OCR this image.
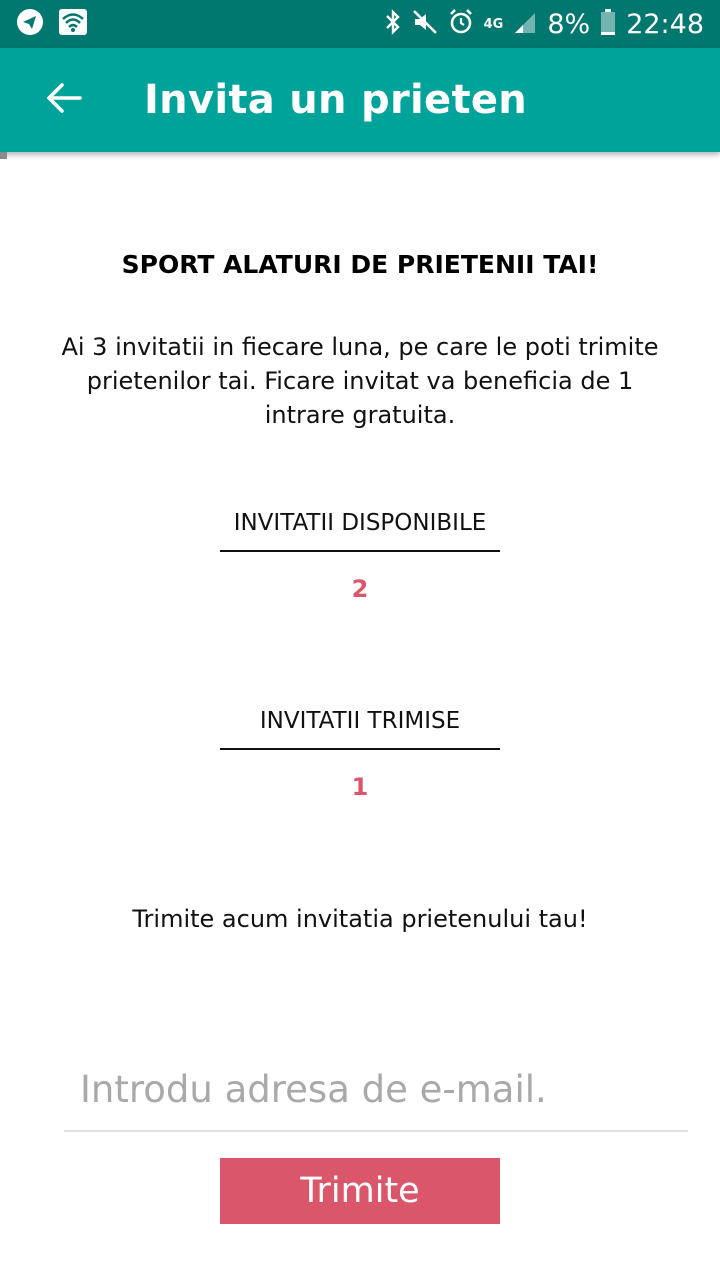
4G 8% 22:48
Invita un prieten
SPORT ALATURI DE PRIETENII TAI!
Ai 3 invitatii in fiecare luna, pe care le poti trimite prietenilor tai. Ficare invitat va beneficia de 1 intrare gratuita.
INVITATII DISPONIBILE
2
INVITATII TRIMISE
1
Trimite acum invitatia prietenului tau!
Introdu adresa de e-mail.
Trimite
